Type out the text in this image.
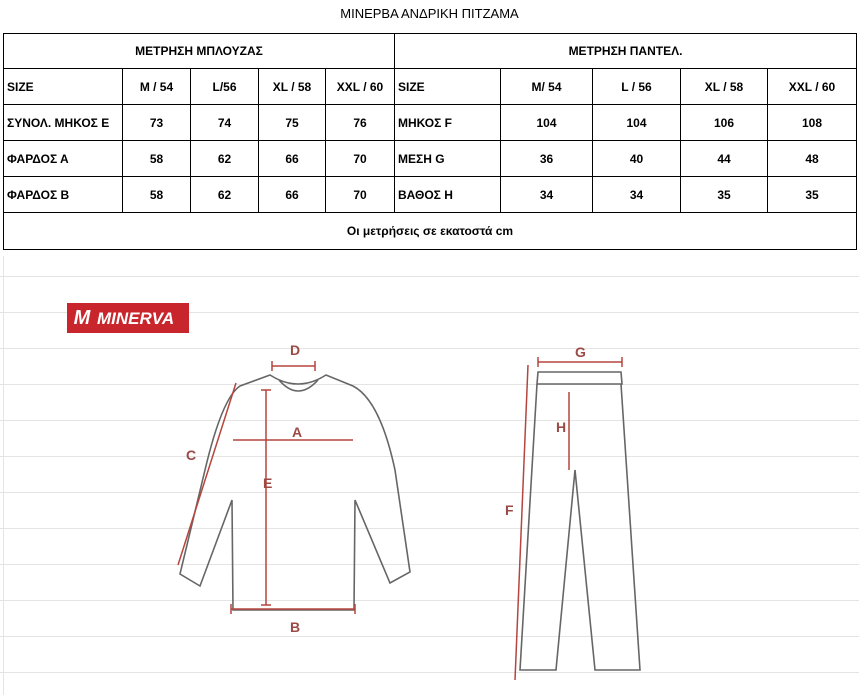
ΜΙΝΕΡΒΑ ΑΝΔΡΙΚΗ ΠΙΤΖΑΜΑ
ΜΕΤΡΗΣΗ ΜΠΛΟΥΖΑΣ					ΜΕΤΡΗΣΗ ΠΑΝΤΕΛ.				
SIZE	M / 54	L/56	XL / 58	XXL / 60	SIZE	M/ 54	L / 56	XL / 58	XXL / 60
ΣΥΝΟΛ. ΜΗΚΟΣ Ε	73	74	75	76	ΜΗΚΟΣ F	104	104	106	108
ΦΑΡΔΟΣ Α	58	62	66	70	ΜΕΣΗ G	36	40	44	48
ΦΑΡΔΟΣ Β	58	62	66	70	ΒΑΘΟΣ Η	34	34	35	35
Οι μετρήσεις σε εκατοστά cm									
M MINERVA
D
A
E
B
C
G
H
F
